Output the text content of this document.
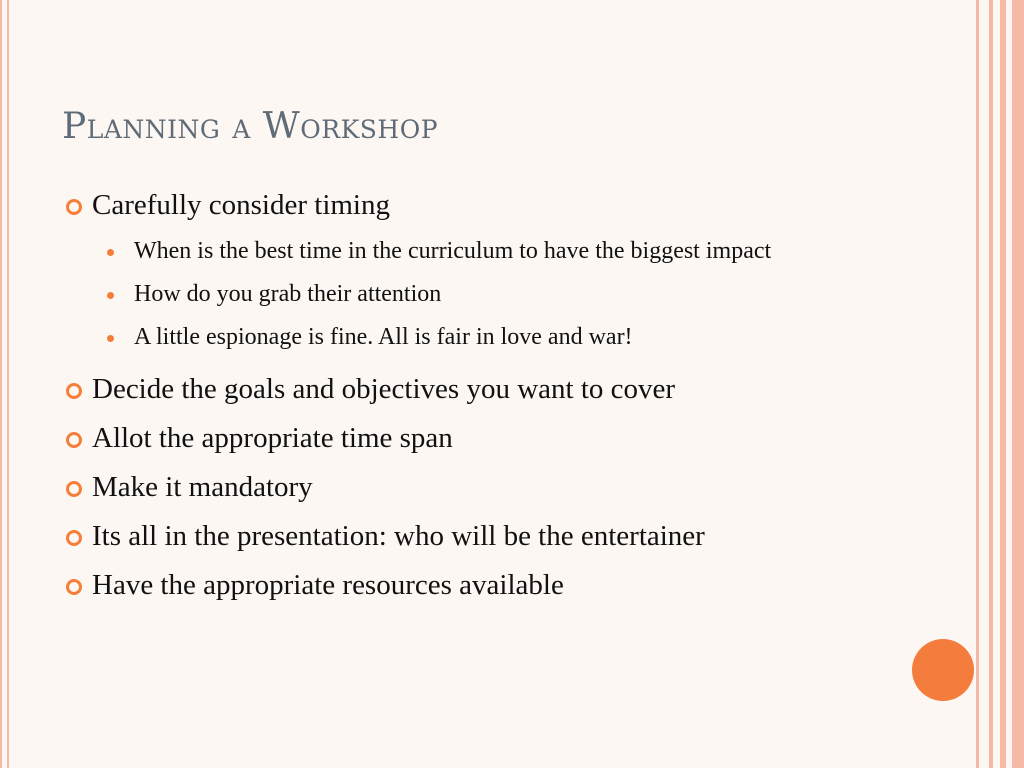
Planning a Workshop
Carefully consider timing
When is the best time in the curriculum to have the biggest impact
How do you grab their attention
A little espionage is fine. All is fair in love and war!
Decide the goals and objectives you want to cover
Allot the appropriate time span
Make it mandatory
Its all in the presentation: who will be the entertainer
Have the appropriate resources available
